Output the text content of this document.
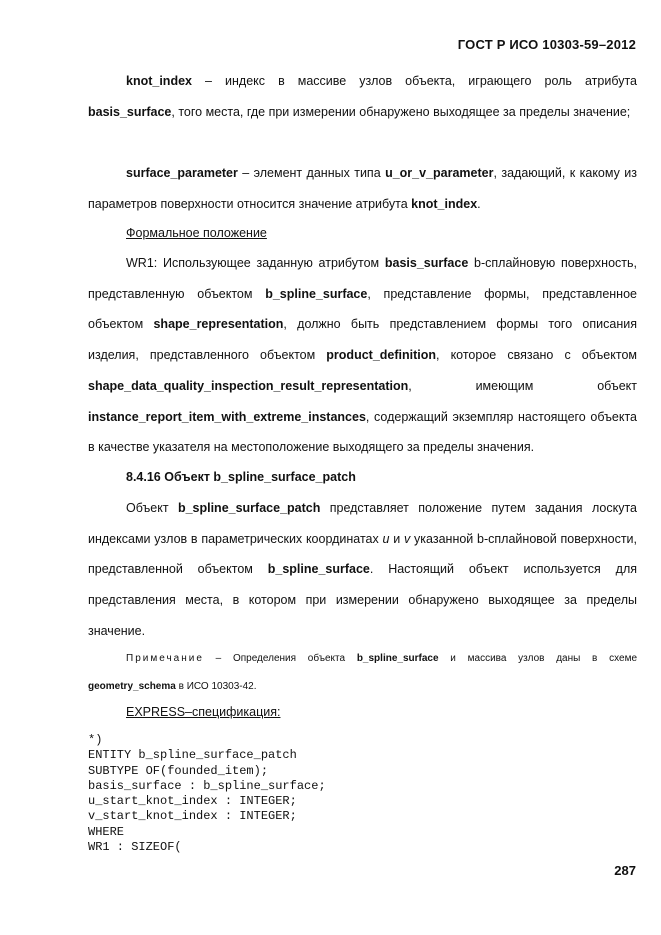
ГОСТ Р ИСО 10303-59–2012

knot_index – индекс в массиве узлов объекта, играющего роль атрибута basis_surface, того места, где при измерении обнаружено выходящее за пределы значение;

surface_parameter – элемент данных типа u_or_v_parameter, задающий, к какому из параметров поверхности относится значение атрибута knot_index.

Формальное положение

WR1: Использующее заданную атрибутом basis_surface b-сплайновую поверхность, представленную объектом b_spline_surface, представление формы, представленное объектом shape_representation, должно быть представлением формы того описания изделия, представленного объектом product_definition, которое связано с объектом shape_data_quality_inspection_result_representation, имеющим объект instance_report_item_with_extreme_instances, содержащий экземпляр настоящего объекта в качестве указателя на местоположение выходящего за пределы значения.

8.4.16 Объект b_spline_surface_patch

Объект b_spline_surface_patch представляет положение путем задания лоскута индексами узлов в параметрических координатах u и v указанной b-сплайновой поверхности, представленной объектом b_spline_surface. Настоящий объект используется для представления места, в котором при измерении обнаружено выходящее за пределы значение.

Примечание – Определения объекта b_spline_surface и массива узлов даны в схеме geometry_schema в ИСО 10303-42.

EXPRESS–спецификация:

*)
ENTITY b_spline_surface_patch
SUBTYPE OF(founded_item);
basis_surface : b_spline_surface;
u_start_knot_index : INTEGER;
v_start_knot_index : INTEGER;
WHERE
WR1 : SIZEOF(
287
